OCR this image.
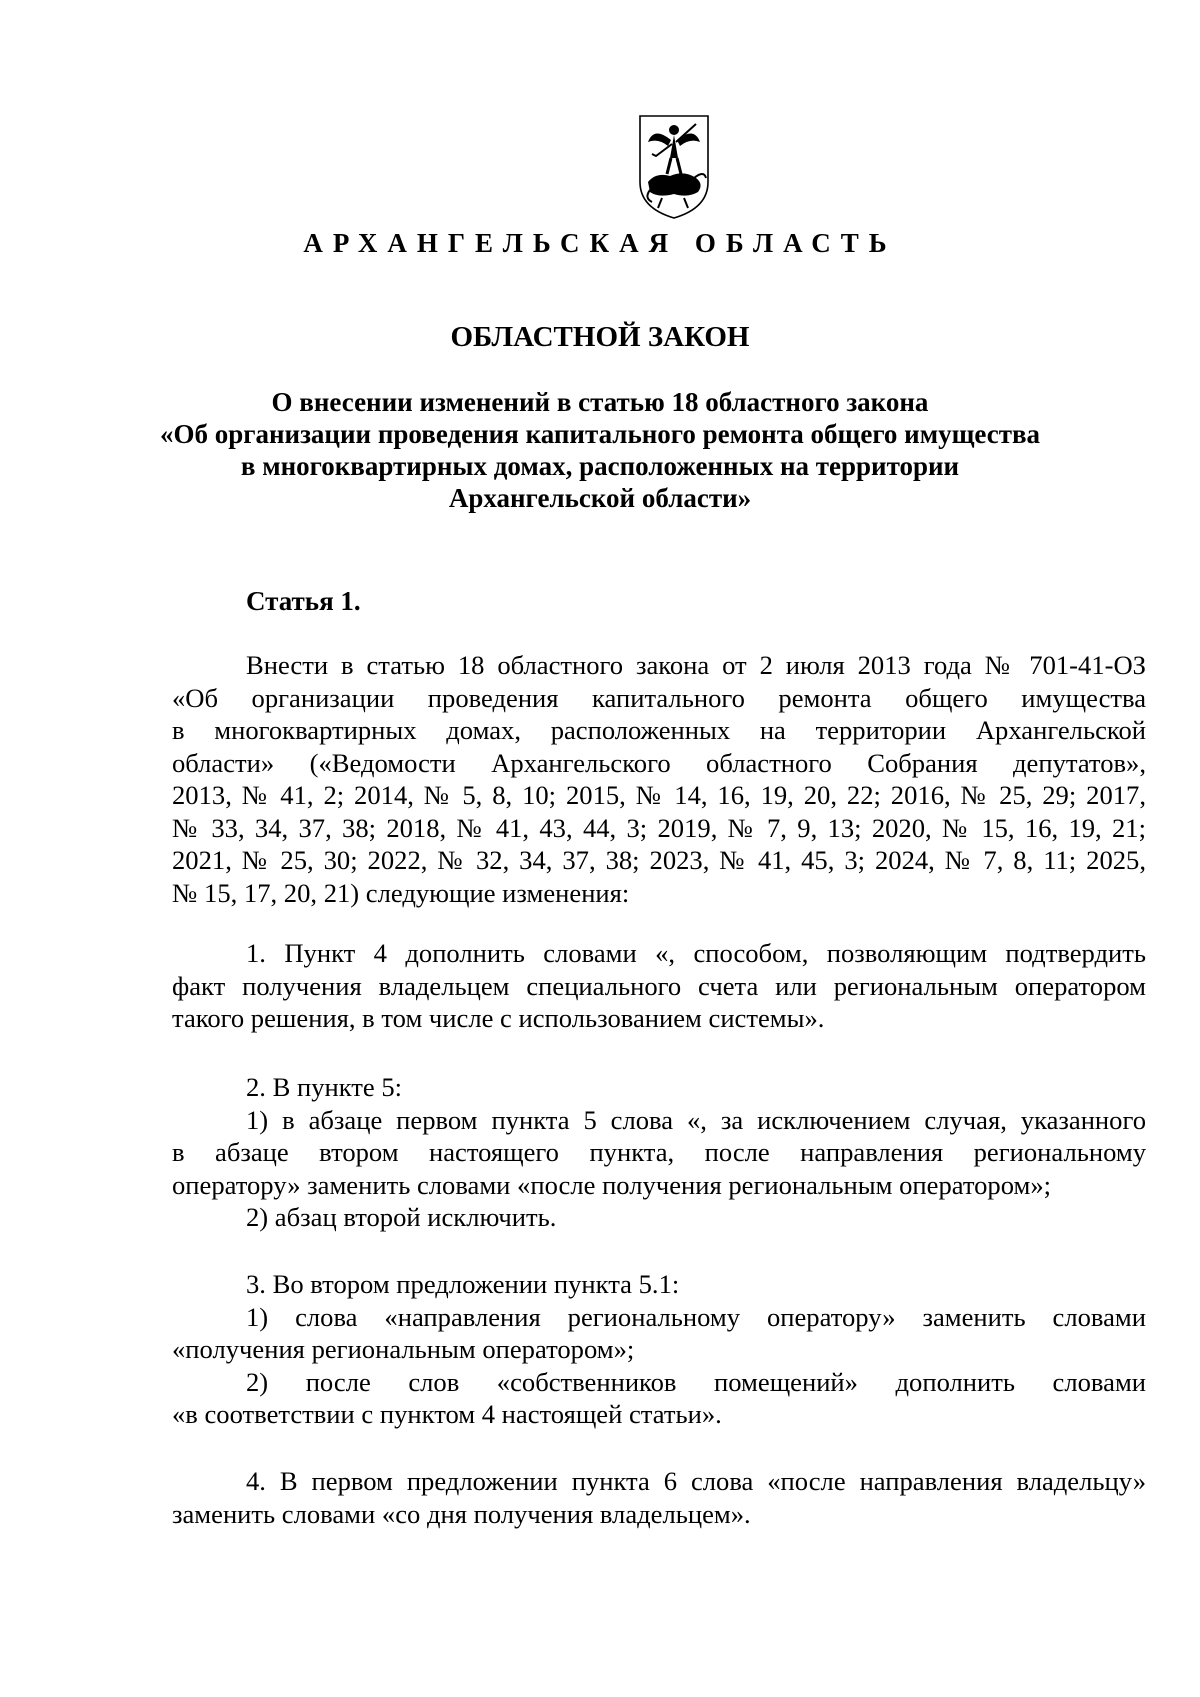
АРХАНГЕЛЬСКАЯ ОБЛАСТЬ
ОБЛАСТНОЙ ЗАКОН
О внесении изменений в статью 18 областного закона
«Об организации проведения капитального ремонта общего имущества
в многоквартирных домах, расположенных на территории
Архангельской области»
Статья 1.
Внести в статью 18 областного закона от 2 июля 2013 года № 701-41-ОЗ
«Об организации проведения капитального ремонта общего имущества
в многоквартирных домах, расположенных на территории Архангельской
области» («Ведомости Архангельского областного Собрания депутатов»,
2013, № 41, 2; 2014, № 5, 8, 10; 2015, № 14, 16, 19, 20, 22; 2016, № 25, 29; 2017,
№ 33, 34, 37, 38; 2018, № 41, 43, 44, 3; 2019, № 7, 9, 13; 2020, № 15, 16, 19, 21;
2021, № 25, 30; 2022, № 32, 34, 37, 38; 2023, № 41, 45, 3; 2024, № 7, 8, 11; 2025,
№ 15, 17, 20, 21) следующие изменения:
1. Пункт 4 дополнить словами «, способом, позволяющим подтвердить
факт получения владельцем специального счета или региональным оператором
такого решения, в том числе с использованием системы».
2. В пункте 5:
1) в абзаце первом пункта 5 слова «, за исключением случая, указанного
в абзаце втором настоящего пункта, после направления региональному
оператору» заменить словами «после получения региональным оператором»;
2) абзац второй исключить.
3. Во втором предложении пункта 5.1:
1) слова «направления региональному оператору» заменить словами
«получения региональным оператором»;
2) после слов «собственников помещений» дополнить словами
«в соответствии с пунктом 4 настоящей статьи».
4. В первом предложении пункта 6 слова «после направления владельцу»
заменить словами «со дня получения владельцем».
